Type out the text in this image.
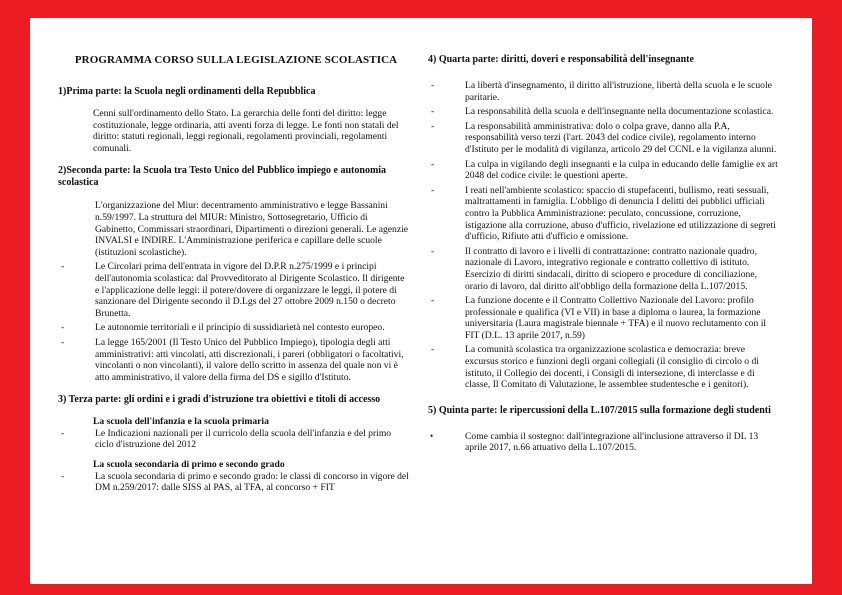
PROGRAMMA CORSO SULLA LEGISLAZIONE SCOLASTICA
1)Prima parte: la Scuola negli ordinamenti della Repubblica

Cenni sull'ordinamento dello Stato. La gerarchia delle fonti del diritto: legge costituzionale, legge ordinaria, atti aventi forza di legge. Le fonti non statali del diritto: statuti regionali, leggi regionali, regolamenti provinciali, regolamenti comunali.

2)Seconda parte: la Scuola tra Testo Unico del Pubblico impiego e autonomia scolastica
L'organizzazione del Miur: decentramento amministrativo e legge Bassanini n.59/1997. La struttura del MIUR: Ministro, Sottosegretario, Ufficio di Gabinetto, Commissari straordinari, Dipartimenti o direzioni generali. Le agenzie INVALSI e INDIRE. L'Amministrazione periferica e capillare delle scuole (istituzioni scolastiche).
-	Le Circolari prima dell'entrata in vigore del D.P.R n.275/1999 e i principi dell'autonomia scolastica: dal Provveditorato al Dirigente Scolastico. Il dirigente e l'applicazione delle leggi: il potere/dovere di organizzare le leggi, il potere di sanzionare del Dirigente secondo il D.Lgs del 27 ottobre 2009 n.150 o decreto Brunetta.
-	Le autonomie territoriali e il principio di sussidiarietà nel contesto europeo.
-	La legge 165/2001 (Il Testo Unico del Pubblico Impiego), tipologia degli atti amministrativi: atti vincolati, atti discrezionali, i pareri (obbligatori o facoltativi, vincolanti o non vincolanti), il valore dello scritto in assenza del quale non vi è atto amministrativo, il valore della firma del DS e sigillo d'Istituto.
3) Terza parte: gli ordini e i gradi d'istruzione tra obiettivi e titoli di accesso

La scuola dell'infanzia e la scuola primaria

-	Le Indicazioni nazionali per il curricolo della scuola dell'infanzia e del primo ciclo d'istruzione del 2012

La scuola secondaria di primo e secondo grado

-	La scuola secondaria di primo e secondo grado: le classi di concorso in vigore del DM n.259/2017: dalle SISS al PAS, al TFA, al concorso + FIT
4) Quarta parte: diritti, doveri e responsabilità dell'insegnante
-	La libertà d'insegnamento, il diritto all'istruzione, libertà della scuola e le scuole paritarie.
-	La responsabilità della scuola e dell'insegnante nella documentazione scolastica.
-	La responsabilità amministrativa: dolo o colpa grave, danno alla P.A, responsabilità verso terzi (l'art. 2043 del codice civile), regolamento interno d'Istituto per le modalità di vigilanza, articolo 29 del CCNL e la vigilanza alunni.
-	La culpa in vigilando degli insegnanti e la culpa in educando delle famiglie ex art 2048 del codice civile: le questioni aperte.
-	I reati nell'ambiente scolastico: spaccio di stupefacenti, bullismo, reati sessuali, maltrattamenti in famiglia. L'obbligo di denuncia I delitti dei pubblici ufficiali contro la Pubblica Amministrazione: peculato, concussione, corruzione, istigazione alla corruzione, abuso d'ufficio, rivelazione ed utilizzazione di segreti d'ufficio, Rifiuto atti d'ufficio e omissione.
-	Il contratto di lavoro e i livelli di contrattazione: contratto nazionale quadro, nazionale di Lavoro, integrativo regionale e contratto collettivo di istituto. Esercizio di diritti sindacali, diritto di sciopero e procedure di conciliazione, orario di lavoro, dal diritto all'obbligo della formazione della L.107/2015.
-	La funzione docente e il Contratto Collettivo Nazionale del Lavoro: profilo professionale e qualifica (VI e VII) in base a diploma o laurea, la formazione universitaria (Laura magistrale biennale + TFA) e il nuovo reclutamento con il FIT (D.L. 13 aprile 2017, n.59)
-	La comunità scolastica tra organizzazione scolastica e democrazia: breve excursus storico e funzioni degli organi collegiali (il consiglio di circolo o di istituto, il Collegio dei docenti, i Consigli di intersezione, di interclasse e di classe, Il Comitato di Valutazione, le assemblee studentesche e i genitori).
5) Quinta parte: le ripercussioni della L.107/2015 sulla formazione degli studenti
•	Come cambia il sostegno: dall'integrazione all'inclusione attraverso il DL 13 aprile 2017, n.66 attuativo della L.107/2015.
